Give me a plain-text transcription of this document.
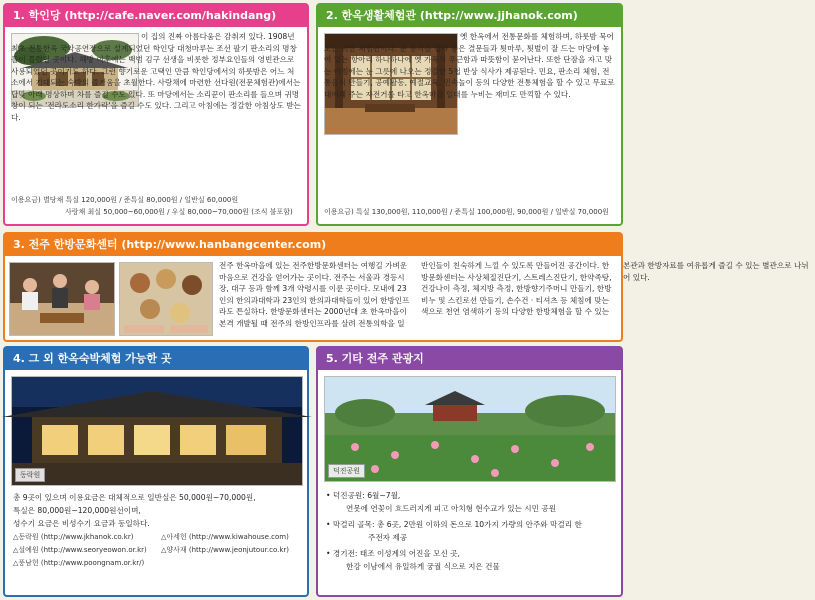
1. 학인당 (http://cafe.naver.com/hakindang)
이 집의 진짜 아름다움은 감춰져 있다. 1908년 최초 전통한옥 국악공연장으로 설계되었던 학인당 대청마루는 조선 팔기 판소리의 명창들이 몰렸던 곳이다. 해방 이후에는 백범 김구 선생을 비롯한 정부요인들의 영빈관으로 사용되었던 곳이기도 하다. 그런 향기로운 고택인 만큼 학인당에서의 하룻밤은 어느 처소에서 기대되는 숙박의 즐거움을 초월한다. 사랑채에 마련한 선다원(전문체험관)에서는 답맞 아래 명상하며 차를 즐길 수도 있다. 또 마당에서는 소리꾼이 판소리를 들으며 귀명창이 되는 '전라도소리 한가락'을 즐길 수도 있다. 그리고 아침에는 정갈한 아침상도 받는다.
이용요금) 별당채 특실 120,000원 / 준특실 80,000원 / 일반실 60,000원
사랑채 최실 50,000~60,000원 / 우실 80,000~70,000원 (조식 불포함)
2. 한옥생활체험관 (http://www.jjhanok.com)
옛 한옥에서 전통문화를 체험하며, 하룻밤 묵어보는 귀한 체험관이다. 문 풍지를 발라 놓은 결문들과 툇마루, 툇벌이 잘 드는 마당에 놓여 있는 항아리 하나하나에 옛 가옥의 푸근함과 따뜻함이 묻어난다. 또한 단잠을 자고 맞는 아침에는 눈 그릇에 나오는 정갈한 5첩 반상 식사가 제공된다. 민요, 판소리 체험, 전통음식 만들기, 공예활동, 예절교육, 민속놀이 등의 다양한 전통체험을 할 수 있고 무료로 대여해 주는 자전거를 타고 한옥마을 일대를 누비는 재미도 만끽할 수 있다.
이용요금) 특실 130,000원, 110,000원 / 준특실 100,000원, 90,000원 / 일반실 70,000원
3. 전주 한방문화센터 (http://www.hanbangcenter.com)
전주 한옥마을에 있는 전주한방문화센터는 여행길 가벼운 마음으로 건강을 얻어가는 곳이다. 전주는 서울과 경등시장, 대구 등과 함께 3개 약령시를 이룬 곳이다. 모내에 23인의 한의과대학과 23인의 한의과대학들이 있어 한방인프라도 튼실하다. 한방문화센터는 2000년대 초 한옥마을이 본격 개발될 때 전주의 한방인프라를 살려 전통의학을 일반인들이 친숙하게 느낄 수 있도록 만들어진 공간이다. 한방문화센터는 사상체질진단기, 스트레스진단기, 한약족탕, 건강나이 측정, 체지방 측정, 한방향기주머니 만들기, 한방비누 및 스킨로션 만들기, 손수건 · 티셔츠 등 체침에 맞는 색으로 천연 염색하기 등의 다양한 한방체험을 할 수 있는 본관과 한방자료를 여유롭게 즐길 수 있는 별관으로 나뉘어 있다.
4. 그 외 한옥숙박체험 가능한 곳
동락원
총 9곳이 있으며 이용요금은 대체적으로 일반실은 50,000원~70,000원,
특실은 80,000원~120,000원선이며,
성수기 요금은 비성수기 요금과 동일하다.
△동락원 (http://www.jkhanok.co.kr)	△아세헌 (http://www.kiwahouse.com)
△설예원 (http://www.seoryeowon.or.kr) △양사재 (http://www.jeonjutour.co.kr)
△풍남헌 (http://www.poongnam.or.kr/)
5. 기타 전주 관광지
덕진공원
• 덕진공원: 6월~7월,
연못에 연꽃이 흐드러지게 피고 아치형 현수교가 있는 시민 공원
• 막걸리 골목: 총 6곳, 2만원 이하의 돈으로 10가지 가량의 안주와 막걸리 한
주전자 제공
• 경기전: 태조 이성계의 어진을 모신 곳,
한강 이남에서 유일하게 궁궐 식으로 지은 건물
